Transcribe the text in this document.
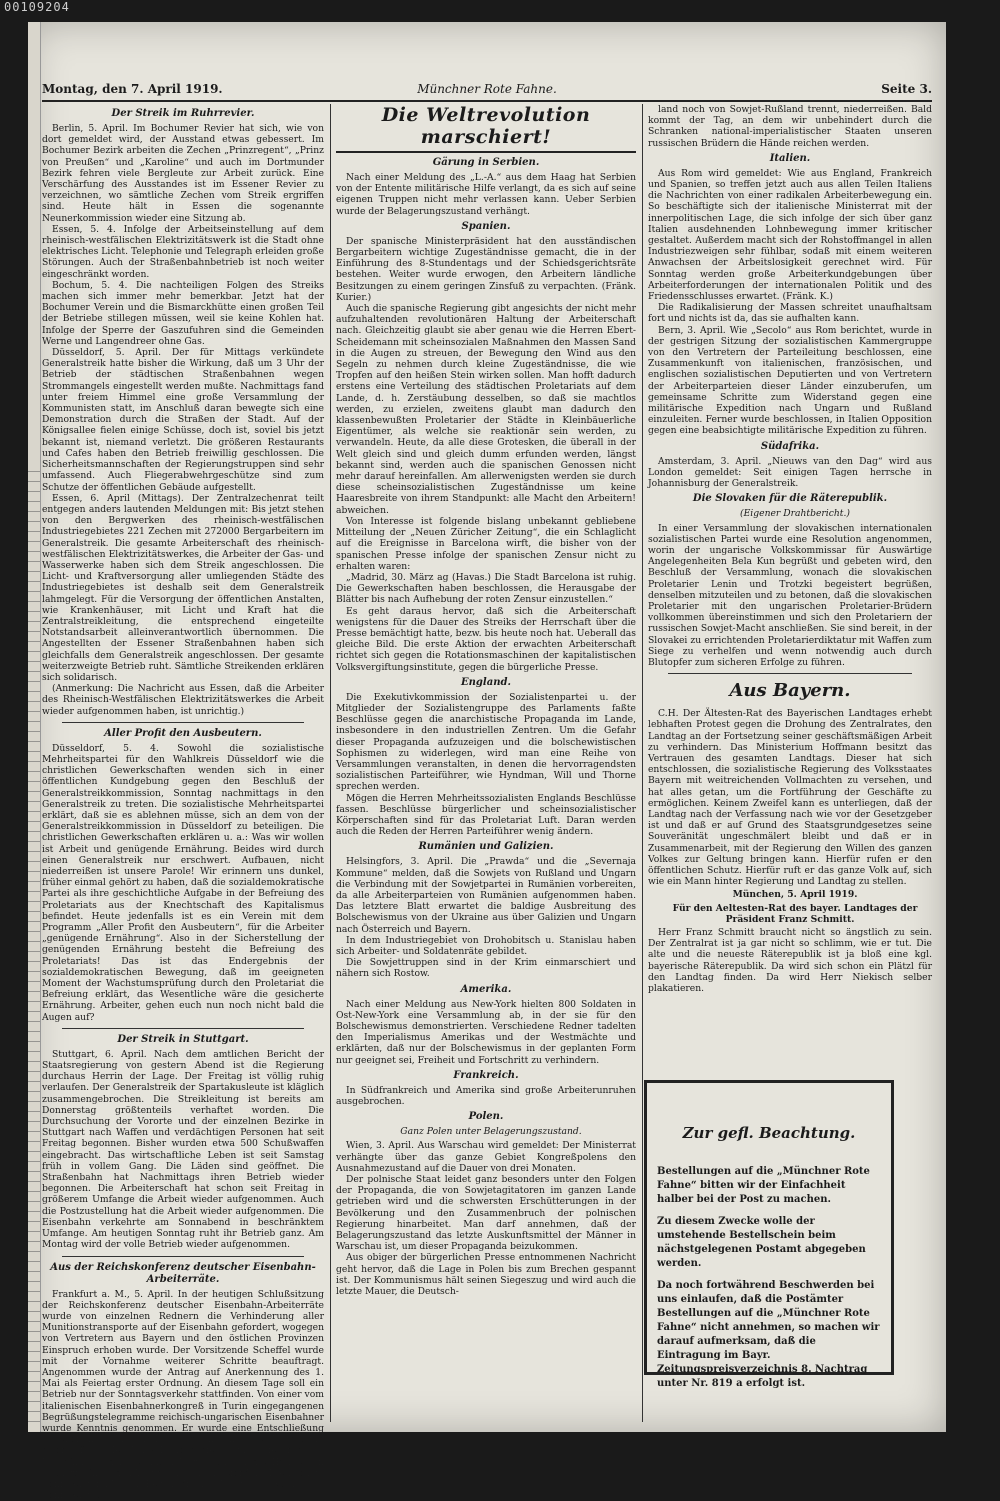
00109204
Montag, den 7. April 1919.	Münchner Rote Fahne.	Seite 3.
Der Streik im Ruhrrevier.

Berlin, 5. April. Im Bochumer Revier hat sich, wie von dort gemeldet wird, der Ausstand etwas gebessert. Im Bochumer Bezirk arbeiten die Zechen „Prinzregent“, „Prinz von Preußen“ und „Karoline“ und auch im Dortmunder Bezirk fehren viele Bergleute zur Arbeit zurück. Eine Verschärfung des Ausstandes ist im Essener Revier zu verzeichnen, wo sämtliche Zechen vom Streik ergriffen sind. Heute hält in Essen die sogenannte Neunerkommission wieder eine Sitzung ab.

Essen, 5. 4. Infolge der Arbeitseinstellung auf dem rheinisch-westfälischen Elektrizitätswerk ist die Stadt ohne elektrisches Licht. Telephonie und Telegraph erleiden große Störungen. Auch der Straßenbahnbetrieb ist noch weiter eingeschränkt worden.

Bochum, 5. 4. Die nachteiligen Folgen des Streiks machen sich immer mehr bemerkbar. Jetzt hat der Bochumer Verein und die Bismarckhütte einen großen Teil der Betriebe stillegen müssen, weil sie keine Kohlen hat. Infolge der Sperre der Gaszufuhren sind die Gemeinden Werne und Langendreer ohne Gas.

Düsseldorf, 5. April. Der für Mittags verkündete Generalstreik hatte bisher die Wirkung, daß um 3 Uhr der Betrieb der städtischen Straßenbahnen wegen Strommangels eingestellt werden mußte. Nachmittags fand unter freiem Himmel eine große Versammlung der Kommunisten statt, im Anschluß daran bewegte sich eine Demonstration durch die Straßen der Stadt. Auf der Königsallee fielen einige Schüsse, doch ist, soviel bis jetzt bekannt ist, niemand verletzt. Die größeren Restaurants und Cafes haben den Betrieb freiwillig geschlossen. Die Sicherheitsmannschaften der Regierungstruppen sind sehr umfassend. Auch Fliegerabwehrgeschütze sind zum Schutze der öffentlichen Gebäude aufgestellt.

Essen, 6. April (Mittags). Der Zentralzechenrat teilt entgegen anders lautenden Meldungen mit: Bis jetzt stehen von den Bergwerken des rheinisch-westfälischen Industriegebietes 221 Zechen mit 272000 Bergarbeitern im Generalstreik. Die gesamte Arbeiterschaft des rheinisch-westfälischen Elektrizitätswerkes, die Arbeiter der Gas- und Wasserwerke haben sich dem Streik angeschlossen. Die Licht- und Kraftversorgung aller umliegenden Städte des Industriegebietes ist deshalb seit dem Generalstreik lahmgelegt. Für die Versorgung der öffentlichen Anstalten, wie Krankenhäuser, mit Licht und Kraft hat die Zentralstreikleitung, die entsprechend eingeteilte Notstandsarbeit alleinverantwortlich übernommen. Die Angestellten der Essener Straßenbahnen haben sich gleichfalls dem Generalstreik angeschlossen. Der gesamte weiterzweigte Betrieb ruht. Sämtliche Streikenden erklären sich solidarisch.

(Anmerkung: Die Nachricht aus Essen, daß die Arbeiter des Rheinisch-Westfälischen Elektrizitätswerkes die Arbeit wieder aufgenommen haben, ist unrichtig.)

Aller Profit den Ausbeutern.

Düsseldorf, 5. 4. Sowohl die sozialistische Mehrheitspartei für den Wahlkreis Düsseldorf wie die christlichen Gewerkschaften wenden sich in einer öffentlichen Kundgebung gegen den Beschluß der Generalstreikkommission, Sonntag nachmittags in den Generalstreik zu treten. Die sozialistische Mehrheitspartei erklärt, daß sie es ablehnen müsse, sich an dem von der Generalstreikkommission in Düsseldorf zu beteiligen. Die christlichen Gewerkschaften erklären u. a.: Was wir wollen ist Arbeit und genügende Ernährung. Beides wird durch einen Generalstreik nur erschwert. Aufbauen, nicht niederreißen ist unsere Parole! Wir erinnern uns dunkel, früher einmal gehört zu haben, daß die sozialdemokratische Partei als ihre geschichtliche Aufgabe in der Befreiung des Proletariats aus der Knechtschaft des Kapitalismus befindet. Heute jedenfalls ist es ein Verein mit dem Programm „Aller Profit den Ausbeutern“, für die Arbeiter „genügende Ernährung“. Also in der Sicherstellung der genügenden Ernährung besteht die Befreiung des Proletariats! Das ist das Endergebnis der sozialdemokratischen Bewegung, daß im geeigneten Moment der Wachstumsprüfung durch den Proletariat die Befreiung erklärt, das Wesentliche wäre die gesicherte Ernährung. Arbeiter, gehen euch nun noch nicht bald die Augen auf?

Der Streik in Stuttgart.

Stuttgart, 6. April. Nach dem amtlichen Bericht der Staatsregierung von gestern Abend ist die Regierung durchaus Herrin der Lage. Der Freitag ist völlig ruhig verlaufen. Der Generalstreik der Spartakusleute ist kläglich zusammengebrochen. Die Streikleitung ist bereits am Donnerstag größtenteils verhaftet worden. Die Durchsuchung der Vororte und der einzelnen Bezirke in Stuttgart nach Waffen und verdächtigen Personen hat seit Freitag begonnen. Bisher wurden etwa 500 Schußwaffen eingebracht. Das wirtschaftliche Leben ist seit Samstag früh in vollem Gang. Die Läden sind geöffnet. Die Straßenbahn hat Nachmittags ihren Betrieb wieder begonnen. Die Arbeiterschaft hat schon seit Freitag in größerem Umfange die Arbeit wieder aufgenommen. Auch die Postzustellung hat die Arbeit wieder aufgenommen. Die Eisenbahn verkehrte am Sonnabend in beschränktem Umfange. Am heutigen Sonntag ruht ihr Betrieb ganz. Am Montag wird der volle Betrieb wieder aufgenommen.

Aus der Reichskonferenz deutscher Eisenbahn-Arbeiterräte.

Frankfurt a. M., 5. April. In der heutigen Schlußsitzung der Reichskonferenz deutscher Eisenbahn-Arbeiterräte wurde von einzelnen Rednern die Verhinderung aller Munitionstransporte auf der Eisenbahn gefordert, wogegen von Vertretern aus Bayern und den östlichen Provinzen Einspruch erhoben wurde. Der Vorsitzende Scheffel wurde mit der Vornahme weiterer Schritte beauftragt. Angenommen wurde der Antrag auf Anerkennung des 1. Mai als Feiertag erster Ordnung. An diesem Tage soll ein Betrieb nur der Sonntagsverkehr stattfinden. Von einer vom italienischen Eisenbahnerkongreß in Turin eingegangenen Begrüßungstelegramme reichisch-ungarischen Eisenbahner wurde Kenntnis genommen. Er wurde eine Entschließung angenommen, daß das Räte-System wurde des Verfassung sofort für alle Verwaltungsgebiete und die restlose Überführung der gesamten Verwaltung in die Hände von noch zu wählenden Vertrauensleuten gefordert. Die nächste Konferenz findet in Berlin die norddeutsche Eisenbahn-Konferenz statt.

Die Weltrevolution marschiert!
Gärung in Serbien.

Nach einer Meldung des „L.-A.“ aus dem Haag hat Serbien von der Entente militärische Hilfe verlangt, da es sich auf seine eigenen Truppen nicht mehr verlassen kann. Ueber Serbien wurde der Belagerungszustand verhängt.

Spanien.

Der spanische Ministerpräsident hat den ausständischen Bergarbeitern wichtige Zugeständnisse gemacht, die in der Einführung des 8-Stundentags und der Schiedsgerichtsräte bestehen. Weiter wurde erwogen, den Arbeitern ländliche Besitzungen zu einem geringen Zinsfuß zu verpachten. (Fränk. Kurier.)

Auch die spanische Regierung gibt angesichts der nicht mehr aufzuhaltenden revolutionären Haltung der Arbeiterschaft nach. Gleichzeitig glaubt sie aber genau wie die Herren Ebert-Scheidemann mit scheinsozialen Maßnahmen den Massen Sand in die Augen zu streuen, der Bewegung den Wind aus den Segeln zu nehmen durch kleine Zugeständnisse, die wie Tropfen auf den heißen Stein wirken sollen. Man hofft dadurch erstens eine Verteilung des städtischen Proletariats auf dem Lande, d. h. Zerstäubung desselben, so daß sie machtlos werden, zu erzielen, zweitens glaubt man dadurch den klassenbewußten Proletarier der Städte in Kleinbäuerliche Eigentümer, als welche sie reaktionär sein werden, zu verwandeln. Heute, da alle diese Grotesken, die überall in der Welt gleich sind und gleich dumm erfunden werden, längst bekannt sind, werden auch die spanischen Genossen nicht mehr darauf hereinfallen. Am allerwenigsten werden sie durch diese scheinsozialistischen Zugeständnisse um keine Haaresbreite von ihrem Standpunkt: alle Macht den Arbeitern! abweichen.

Von Interesse ist folgende bislang unbekannt gebliebene Mitteilung der „Neuen Züricher Zeitung“, die ein Schlaglicht auf die Ereignisse in Barcelona wirft, die bisher von der spanischen Presse infolge der spanischen Zensur nicht zu erhalten waren:

„Madrid, 30. März ag (Havas.) Die Stadt Barcelona ist ruhig. Die Gewerkschaften haben beschlossen, die Herausgabe der Blätter bis nach Aufhebung der roten Zensur einzustellen.“

Es geht daraus hervor, daß sich die Arbeiterschaft wenigstens für die Dauer des Streiks der Herrschaft über die Presse bemächtigt hatte, bezw. bis heute noch hat. Ueberall das gleiche Bild. Die erste Aktion der erwachten Arbeiterschaft richtet sich gegen die Rotationsmaschinen der kapitalistischen Volksvergiftungsinstitute, gegen die bürgerliche Presse.

England.

Die Exekutivkommission der Sozialistenpartei u. der Mitglieder der Sozialistengruppe des Parlaments faßte Beschlüsse gegen die anarchistische Propaganda im Lande, insbesondere in den industriellen Zentren. Um die Gefahr dieser Propaganda aufzuzeigen und die bolschewistischen Sophismen zu widerlegen, wird man eine Reihe von Versammlungen veranstalten, in denen die hervorragendsten sozialistischen Parteiführer, wie Hyndman, Will und Thorne sprechen werden.

Mögen die Herren Mehrheitssozialisten Englands Beschlüsse fassen. Beschlüsse bürgerlicher und scheinsozialistischer Körperschaften sind für das Proletariat Luft. Daran werden auch die Reden der Herren Parteiführer wenig ändern.

Rumänien und Galizien.

Helsingfors, 3. April. Die „Prawda“ und die „Severnaja Kommune“ melden, daß die Sowjets von Rußland und Ungarn die Verbindung mit der Sowjetpartei in Rumänien vorbereiten, da alle Arbeiterparteien von Rumänien aufgenommen haben. Das letztere Blatt erwartet die baldige Ausbreitung des Bolschewismus von der Ukraine aus über Galizien und Ungarn nach Österreich und Bayern.

In dem Industriegebiet von Drohobitsch u. Stanislau haben sich Arbeiter- und Soldatenräte gebildet.

Die Sowjettruppen sind in der Krim einmarschiert und nähern sich Rostow.

Amerika.

Nach einer Meldung aus New-York hielten 800 Soldaten in Ost-New-York eine Versammlung ab, in der sie für den Bolschewismus demonstrierten. Verschiedene Redner tadelten den Imperialismus Amerikas und der Westmächte und erklärten, daß nur der Bolschewismus in der geplanten Form nur geeignet sei, Freiheit und Fortschritt zu verhindern.

Frankreich.

In Südfrankreich und Amerika sind große Arbeiterunruhen ausgebrochen.

Polen.

Ganz Polen unter Belagerungszustand.

Wien, 3. April. Aus Warschau wird gemeldet: Der Ministerrat verhängte über das ganze Gebiet Kongreßpolens den Ausnahmezustand auf die Dauer von drei Monaten.

Der polnische Staat leidet ganz besonders unter den Folgen der Propaganda, die von Sowjetagitatoren im ganzen Lande getrieben wird und die schwersten Erschütterungen in der Bevölkerung und den Zusammenbruch der polnischen Regierung hinarbeitet. Man darf annehmen, daß der Belagerungszustand das letzte Auskunftsmittel der Männer in Warschau ist, um dieser Propaganda beizukommen.

Aus obiger der bürgerlichen Presse entnommenen Nachricht geht hervor, daß die Lage in Polen bis zum Brechen gespannt ist. Der Kommunismus hält seinen Siegeszug und wird auch die letzte Mauer, die Deutsch-

land noch von Sowjet-Rußland trennt, niederreißen. Bald kommt der Tag, an dem wir unbehindert durch die Schranken national-imperialistischer Staaten unseren russischen Brüdern die Hände reichen werden.

Italien.

Aus Rom wird gemeldet: Wie aus England, Frankreich und Spanien, so treffen jetzt auch aus allen Teilen Italiens die Nachrichten von einer radikalen Arbeiterbewegung ein. So beschäftigte sich der italienische Ministerrat mit der innerpolitischen Lage, die sich infolge der sich über ganz Italien ausdehnenden Lohnbewegung immer kritischer gestaltet. Außerdem macht sich der Rohstoffmangel in allen Industriezweigen sehr fühlbar, sodaß mit einem weiteren Anwachsen der Arbeitslosigkeit gerechnet wird. Für Sonntag werden große Arbeiterkundgebungen über Arbeiterforderungen der internationalen Politik und des Friedensschlusses erwartet. (Fränk. K.)

Die Radikalisierung der Massen schreitet unaufhaltsam fort und nichts ist da, das sie aufhalten kann.

Bern, 3. April. Wie „Secolo“ aus Rom berichtet, wurde in der gestrigen Sitzung der sozialistischen Kammergruppe von den Vertretern der Parteileitung beschlossen, eine Zusammenkunft von italienischen, französischen, und englischen sozialistischen Deputierten und von Vertretern der Arbeiterparteien dieser Länder einzuberufen, um gemeinsame Schritte zum Widerstand gegen eine militärische Expedition nach Ungarn und Rußland einzuleiten. Ferner wurde beschlossen, in Italien Opposition gegen eine beabsichtigte militärische Expedition zu führen.

Südafrika.

Amsterdam, 3. April. „Nieuws van den Dag“ wird aus London gemeldet: Seit einigen Tagen herrsche in Johannisburg der Generalstreik.

Die Slovaken für die Räterepublik.

(Eigener Drahtbericht.)

In einer Versammlung der slovakischen internationalen sozialistischen Partei wurde eine Resolution angenommen, worin der ungarische Volkskommissar für Auswärtige Angelegenheiten Bela Kun begrüßt und gebeten wird, den Beschluß der Versammlung, wonach die slovakischen Proletarier Lenin und Trotzki begeistert begrüßen, denselben mitzuteilen und zu betonen, daß die slovakischen Proletarier mit den ungarischen Proletarier-Brüdern vollkommen übereinstimmen und sich den Proletariern der russischen Sowjet-Macht anschließen. Sie sind bereit, in der Slovakei zu errichtenden Proletarierdiktatur mit Waffen zum Siege zu verhelfen und wenn notwendig auch durch Blutopfer zum sicheren Erfolge zu führen.

Aus Bayern.

C.H. Der Ältesten-Rat des Bayerischen Landtages erhebt lebhaften Protest gegen die Drohung des Zentralrates, den Landtag an der Fortsetzung seiner geschäftsmäßigen Arbeit zu verhindern. Das Ministerium Hoffmann besitzt das Vertrauen des gesamten Landtags. Dieser hat sich entschlossen, die sozialistische Regierung des Volksstaates Bayern mit weitreichenden Vollmachten zu versehen, und hat alles getan, um die Fortführung der Geschäfte zu ermöglichen. Keinem Zweifel kann es unterliegen, daß der Landtag nach der Verfassung nach wie vor der Gesetzgeber ist und daß er auf Grund des Staatsgrundgesetzes seine Souveränität ungeschmälert bleibt und daß er in Zusammenarbeit, mit der Regierung den Willen des ganzen Volkes zur Geltung bringen kann. Hierfür rufen er den öffentlichen Schutz. Hierfür ruft er das ganze Volk auf, sich wie ein Mann hinter Regierung und Landtag zu stellen.

München, 5. April 1919.

Für den Aeltesten-Rat des bayer. Landtages der Präsident Franz Schmitt.

Herr Franz Schmitt braucht nicht so ängstlich zu sein. Der Zentralrat ist ja gar nicht so schlimm, wie er tut. Die alte und die neueste Räterepublik ist ja bloß eine kgl. bayerische Räterepublik. Da wird sich schon ein Plätzl für den Landtag finden. Da wird Herr Niekisch selber plakatieren.

Zur gefl. Beachtung.

Bestellungen auf die „Münchner Rote Fahne“ bitten wir der Einfachheit halber bei der Post zu machen.

Zu diesem Zwecke wolle der umstehende Bestellschein beim nächstgelegenen Postamt abgegeben werden.

Da noch fortwährend Beschwerden bei uns einlaufen, daß die Postämter Bestellungen auf die „Münchner Rote Fahne“ nicht annehmen, so machen wir darauf aufmerksam, daß die Eintragung im Bayr. Zeitungspreisverzeichnis 8. Nachtrag unter Nr. 819 a erfolgt ist.
